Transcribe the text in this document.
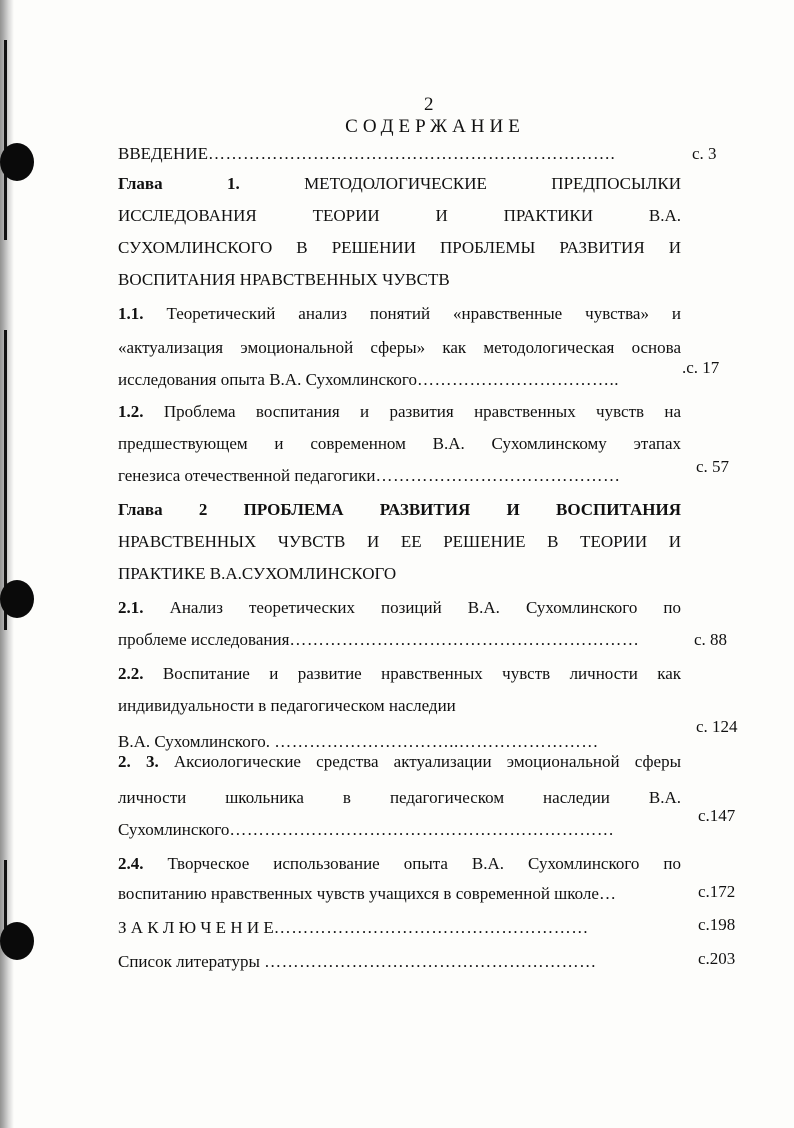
2
СОДЕРЖАНИЕ
ВВЕДЕНИЕ…………………………………………………………….
Глава 1.	МЕТОДОЛОГИЧЕСКИЕ ПРЕДПОСЫЛКИ
ИССЛЕДОВАНИЯ ТЕОРИИ И ПРАКТИКИ В.А.
СУХОМЛИНСКОГО В РЕШЕНИИ ПРОБЛЕМЫ РАЗВИТИЯ И
ВОСПИТАНИЯ НРАВСТВЕННЫХ ЧУВСТВ
1.1. Теоретический анализ понятий «нравственные чувства» и
«актуализация эмоциональной сферы» как методологическая основа
исследования опыта В.А. Сухомлинского……………………………..
1.2. Проблема воспитания и развития нравственных чувств на
предшествующем и современном В.А. Сухомлинскому этапах
генезиса отечественной педагогики……………………………………
Глава 2 ПРОБЛЕМА РАЗВИТИЯ И ВОСПИТАНИЯ
НРАВСТВЕННЫХ ЧУВСТВ И ЕЕ РЕШЕНИЕ В ТЕОРИИ И
ПРАКТИКЕ В.А.СУХОМЛИНСКОГО
2.1. Анализ теоретических позиций В.А. Сухомлинского по
проблеме исследования……………………………………………………
2.2. Воспитание и развитие нравственных чувств личности как
индивидуальности в педагогическом наследии
В.А. Сухомлинского. …………………………..……………………
2. 3. Аксиологические средства актуализации эмоциональной сферы
личности школьника в педагогическом наследии В.А.
Сухомлинского…………………………………………………………
2.4. Творческое использование опыта В.А. Сухомлинского по
воспитанию нравственных чувств учащихся в современной школе…
З А К Л Ю Ч Е Н И Е………………………………………………
Список литературы …………………………………………………
с. 3
.с. 17
с. 57
с. 88
с. 124
с.147
с.172
с.198
с.203
